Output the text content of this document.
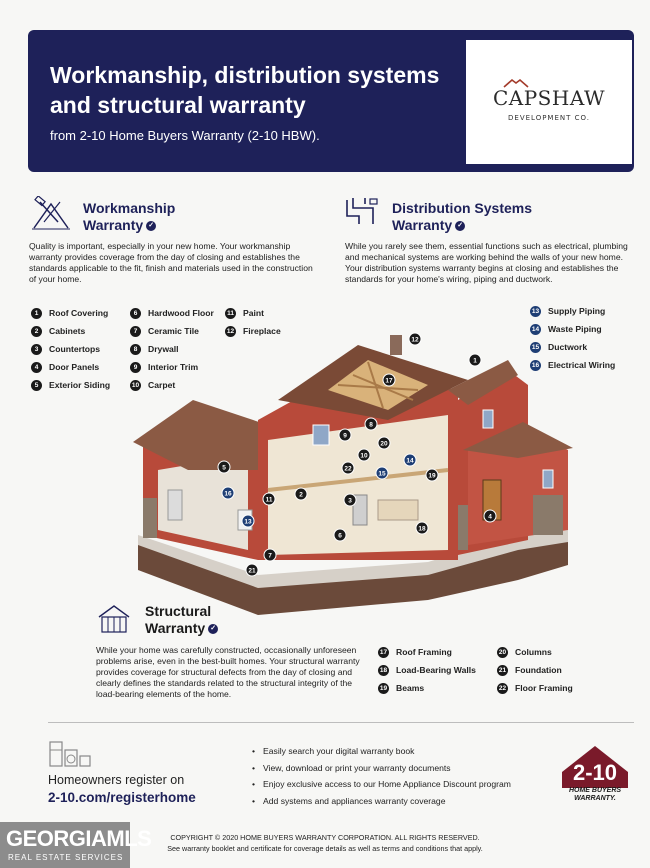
Workmanship, distribution systems and structural warranty
from 2-10 Home Buyers Warranty (2-10 HBW).
CAPSHAW
DEVELOPMENT CO.
Workmanship
Warranty ✓
Quality is important, especially in your new home. Your workmanship warranty provides coverage from the day of closing and establishes the standards applicable to the fit, finish and materials used in the construction of your home.
1	Roof Covering
2	Cabinets
3	Countertops
4	Door Panels
5	Exterior Siding
6	Hardwood Floor
7	Ceramic Tile
8	Drywall
9	Interior Trim
10 Carpet
11 Paint
12 Fireplace
Distribution Systems
Warranty ✓
While you rarely see them, essential functions such as electrical, plumbing and mechanical systems are working behind the walls of your new home. Your distribution systems warranty begins at closing and establishes the standards for your home's wiring, piping and ductwork.
13 Supply Piping
14 Waste Piping
15 Ductwork
16 Electrical Wiring
1
2
3
4
5
6
7
8
9
10
11
12
13
14
15
16
17
18
19
20
21
22
Structural
Warranty ✓
While your home was carefully constructed, occasionally unforeseen problems arise, even in the best-built homes. Your structural warranty provides coverage for structural defects from the day of closing and clearly defines the standards related to the structural integrity of the load-bearing elements of the home.
17 Roof Framing
18 Load-Bearing Walls
19 Beams
20 Columns
21 Foundation
22 Floor Framing
Homeowners register on
2-10.com/registerhome
• Easily search your digital warranty book
• View, download or print your warranty documents
• Enjoy exclusive access to our Home Appliance Discount program
• Add systems and appliances warranty coverage
2-10
HOME BUYERS
WARRANTY.
COPYRIGHT © 2020 HOME BUYERS WARRANTY CORPORATION. ALL RIGHTS RESERVED.
See warranty booklet and certificate for coverage details as well as terms and conditions that apply.
GEORGIAMLS
REAL ESTATE SERVICES
